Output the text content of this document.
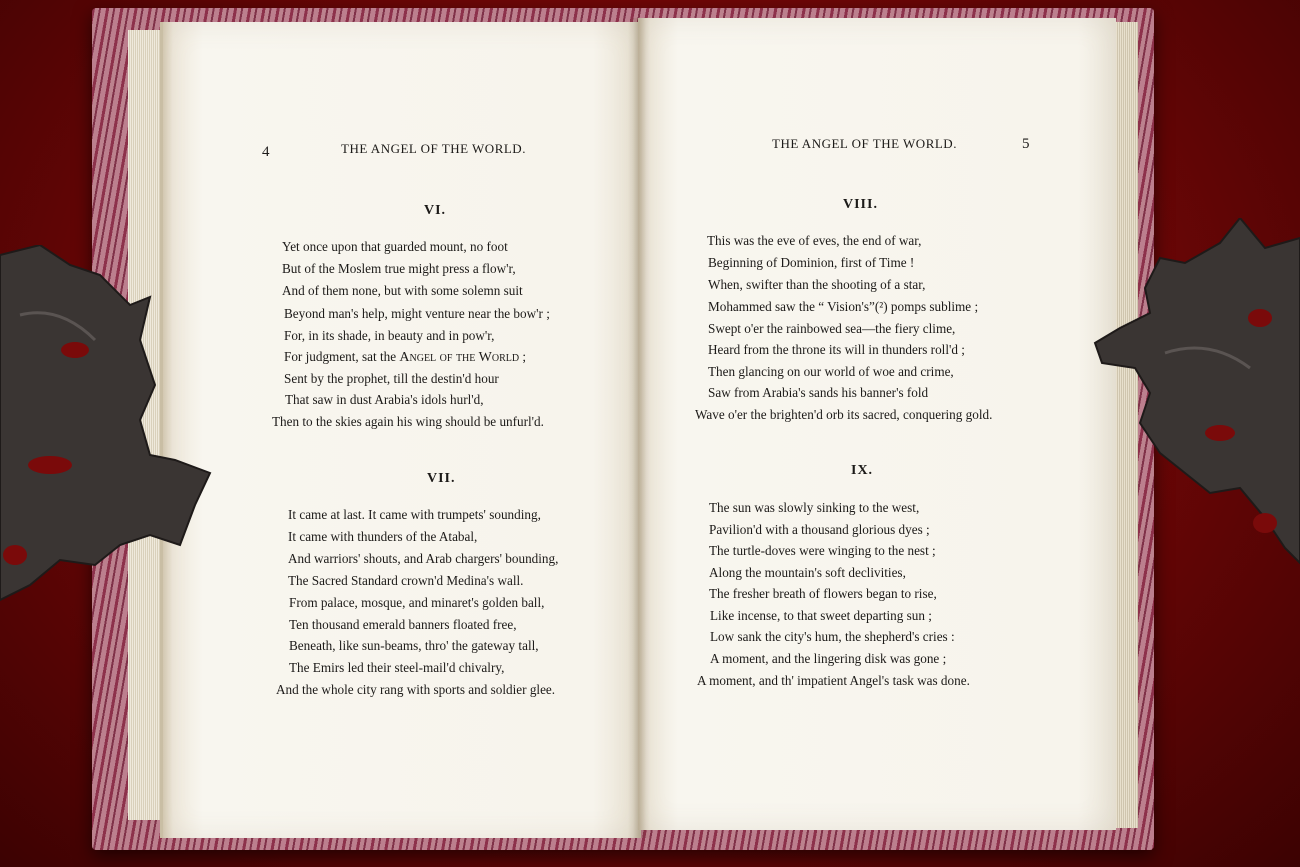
4	THE ANGEL OF THE WORLD.
VI.
Yet once upon that guarded mount, no foot
But of the Moslem true might press a flow'r,
And of them none, but with some solemn suit
Beyond man's help, might venture near the bow'r ;
For, in its shade, in beauty and in pow'r,
For judgment, sat the Angel of the World ;
Sent by the prophet, till the destin'd hour
That saw in dust Arabia's idols hurl'd,
Then to the skies again his wing should be unfurl'd.
VII.
It came at last. It came with trumpets' sounding,
It came with thunders of the Atabal,
And warriors' shouts, and Arab chargers' bounding,
The Sacred Standard crown'd Medina's wall.
From palace, mosque, and minaret's golden ball,
Ten thousand emerald banners floated free,
Beneath, like sun-beams, thro' the gateway tall,
The Emirs led their steel-mail'd chivalry,
And the whole city rang with sports and soldier glee.
THE ANGEL OF THE WORLD.	5
VIII.
This was the eve of eves, the end of war,
Beginning of Dominion, first of Time !
When, swifter than the shooting of a star,
Mohammed saw the “ Vision's”(²) pomps sublime ;
Swept o'er the rainbowed sea—the fiery clime,
Heard from the throne its will in thunders roll'd ;
Then glancing on our world of woe and crime,
Saw from Arabia's sands his banner's fold
Wave o'er the brighten'd orb its sacred, conquering gold.
IX.
The sun was slowly sinking to the west,
Pavilion'd with a thousand glorious dyes ;
The turtle-doves were winging to the nest ;
Along the mountain's soft declivities,
The fresher breath of flowers began to rise,
Like incense, to that sweet departing sun ;
Low sank the city's hum, the shepherd's cries :
A moment, and the lingering disk was gone ;
A moment, and th' impatient Angel's task was done.
